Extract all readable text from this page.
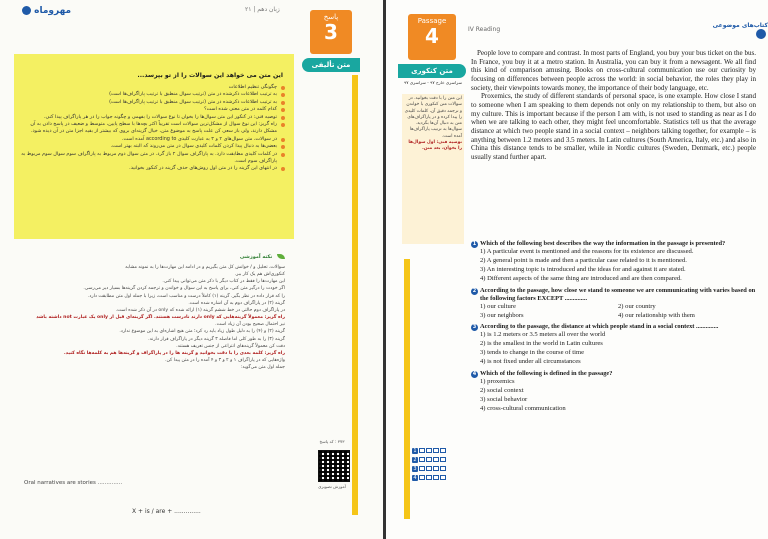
مهروماه	زبان دهم | ۲۱
این متن می خواهد این سوالات را از تو بپرسد...
چگونگی تنظیم اطلاعات
به ترتیب اطلاعات ذکرشده در متن (ترتیب سوال منطبق با ترتیب پاراگراف‌ها است)
به ترتیب اطلاعات ذکرشده در متن (ترتیب سوال منطبق با ترتیب پاراگراف‌ها است)
کدام کلمه در متن معنی شده است؟
توصیه فنی: در کنکور این متن سوال‌ها را بخوان تا نوع سوالات را بفهمی و چگونه جواب را در هر پاراگراف پیدا کنی.
راه گریز: این نوع سوال از مشکل‌ترین سوالات است تقریباً اکثر بچه‌ها با سطح پایین، متوسط و ضعیف در پاسخ دادن به آن مشکل دارند، ولی باز سعی کن علت پاسخ به موضوع متن، خیال گزینه‌ای بروی که بیشتر از بقیه اجزا متن در آن دیده شود.
در سوالات، متن سوال‌های ۲ و ۳ به عبارت کلیدی according to آمده است.
بعضی‌ها به دنبال پیدا کردن کلمات کلیدی سوال در متن می‌روند که البته بهتر است.
در کلمات کلیدی مطابقت دارد. به پاراگراف سوال ۲ باز گرد. در متن سوال دوم مربوط به پاراگراف سوم سوال سوم مربوط به پاراگراف سوم است.
در انتهای این گزینه را در متن اول روش‌های حذف گزینه در کنکور بخوانید.
نکته آموزشی
سوالات، تحلیل و / خوانش کل متن بگیریم و در ادامه این مهارت‌ها را به نمونه مشابه
کنکوری‌اش هم یک کار ببر.
این مهارت‌ها را فقط در کتاب دیگر با ذکر متن می‌توانی پیدا کنی.
اگر خودت را درگیر متن کنی، برای پاسخ به این سوال و خواندن و ترجمه کردن گزینه‌ها بسیار دیر می‌رسی.
را که قرار داده در نظر بگیر. گزینه (۱) کاملاً درست و مناسب است، زیرا با جمله اول متن مطابقت دارد.
گزینه (۲) در پاراگراف دوم به آن اشاره شده است.
در پاراگراف دوم حالتی در خط ششم گزینه (۱) ارائه شده که only در آن ذکر شده است.
راه گریز: معمولاً گزینه‌هایی که only دارند نادرست هستند. اگر گزینه‌ای قبل از only یک عبارت not داشته باشد
نیز احتمال صحیح بودن آن زیاد است.
گزینه (۲) و (۴) را به دلیل طول زیاد باید رد کرد؛ متن هیچ اشاره‌ای به این موضوع ندارد.
گزینه (۳) را به طور کلی اما فاصله ۳ گزینه دیگر در پاراگراف قرار دارند.
دقت کن معمولاً گزینه‌های انتزاعی از جنس تعریف هستند.
راه گریز: کلمه بعدی را با دقت بخوانید و گزینه ها را در پاراگراف و گزینه‌ها هم به کلمه‌ها نگاه کنید.
واژه‌هایی که در پاراگراف ۱ و ۲ و ۳ و ۴ آمده را در متن پیدا کن.
جمله اول متن می‌گوید:
Oral narratives are stories ..............
X + is / are + ..............
پاسخ
3
متن تأليفی
۳۷۳ : کد پاسخ
آموزش تصویری
کتاب‌های موضوعی
IV Reading
Passage
4
متن کنکوری
سراسری خارج ۹۷ - سراسری ۹۷
این متن را با دقت بخوانید. در سوالات متن کنکوری با خواندن و ترجمه دقیق آن، کلمات کلیدی را پیدا کرده و در پاراگراف‌های متن به دنبال آن‌ها بگردید. سوال‌ها به ترتیب پاراگراف‌ها آمده است.
توصیه فنی: اول سوال‌ها را بخوان، بعد متن.
1
2
3
4

People love to compare and contrast. In most parts of England, you buy your bus ticket on the bus. In France, you buy it at a metro station. In Australia, you can buy it from a newsagent. We all find this kind of comparison amusing. Books on cross-cultural communication use our curiosity by focusing on differences between people across the world: in social behavior, the roles they play in society, their viewpoints towards money, the importance of their body language, etc.

Proxemics, the study of different standards of personal space, is one example. How close I stand to someone when I am speaking to them depends not only on my relationship to them, but also on my culture. This is important because if the person I am with, is not used to standing as near as I do when we are talking to each other, they might feel uncomfortable. Statistics tell us that the average distance at which two people stand in a social context – neighbors talking together, for example – is anything between 1.2 meters and 3.5 meters. In Latin cultures (South America, Italy, etc.) and also in China this distance tends to be smaller, while in Nordic cultures (Sweden, Denmark, etc.) people usually stand further apart.

1 Which of the following best describes the way the information in the passage is presented?
1) A particular event is mentioned and the reasons for its existence are discussed.
2) A general point is made and then a particular case related to it is mentioned.
3) An interesting topic is introduced and the ideas for and against it are stated.
4) Different aspects of the same thing are introduced and are then compared.
2 According to the passage, how close we stand to someone we are communicating with varies based on the following factors EXCEPT ..............
1) our culture	2) our country
3) our neighbors	4) our relationship with them
3 According to the passage, the distance at which people stand in a social context ..............
1) is 1.2 meters or 3.5 meters all over the world
2) is the smallest in the world in Latin cultures
3) tends to change in the course of time
4) is not fixed under all circumstances
4 Which of the following is defined in the passage?
1) proxemics
2) social context
3) social behavior
4) cross-cultural communication
